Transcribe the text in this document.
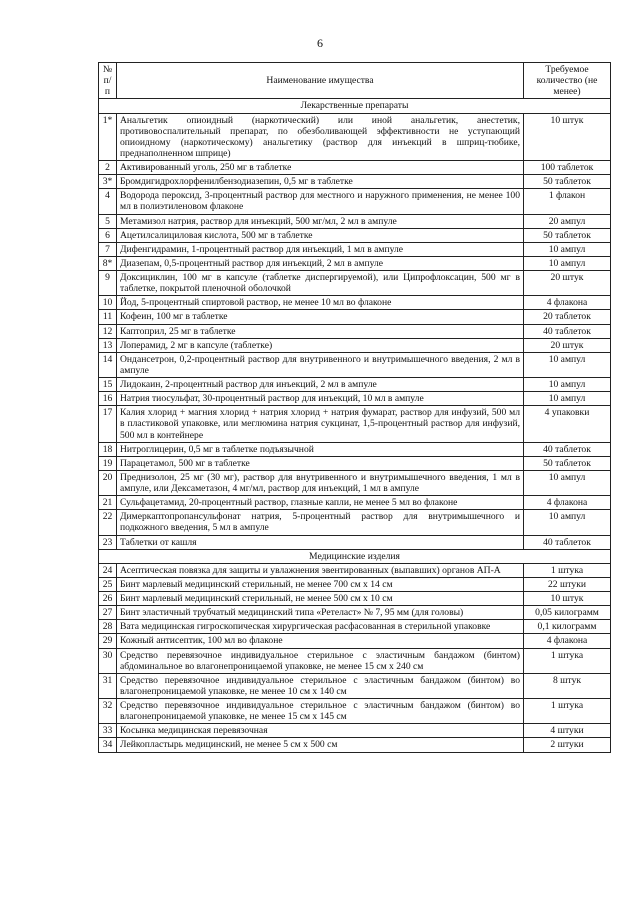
6
№ п/п	Наименование имущества	Требуемое количество (не менее)
Лекарственные препараты		
1*	Анальгетик опиоидный (наркотический) или иной анальгетик, анестетик, противовоспалительный препарат, по обезболивающей эффективности не уступающий опиоидному (наркотическому) анальгетику (раствор для инъекций в шприц-тюбике, преднаполненном шприце)	10 штук
2	Активированный уголь, 250 мг в таблетке	100 таблеток
3*	Бромдигидрохлорфенилбензодиазепин, 0,5 мг в таблетке	50 таблеток
4	Водорода пероксид, 3-процентный раствор для местного и наружного применения, не менее 100 мл в полиэтиленовом флаконе	1 флакон
5	Метамизол натрия, раствор для инъекций, 500 мг/мл, 2 мл в ампуле	20 ампул
6	Ацетилсалициловая кислота, 500 мг в таблетке	50 таблеток
7	Дифенгидрамин, 1-процентный раствор для инъекций, 1 мл в ампуле	10 ампул
8*	Диазепам, 0,5-процентный раствор для инъекций, 2 мл в ампуле	10 ампул
9	Доксициклин, 100 мг в капсуле (таблетке диспергируемой), или Ципрофлоксацин, 500 мг в таблетке, покрытой пленочной оболочкой	20 штук
10	Йод, 5-процентный спиртовой раствор, не менее 10 мл во флаконе	4 флакона
11	Кофеин, 100 мг в таблетке	20 таблеток
12	Каптоприл, 25 мг в таблетке	40 таблеток
13	Лоперамид, 2 мг в капсуле (таблетке)	20 штук
14	Ондансетрон, 0,2-процентный раствор для внутривенного и внутримышечного введения, 2 мл в ампуле	10 ампул
15	Лидокаин, 2-процентный раствор для инъекций, 2 мл в ампуле	10 ампул
16	Натрия тиосульфат, 30-процентный раствор для инъекций, 10 мл в ампуле	10 ампул
17	Калия хлорид + магния хлорид + натрия хлорид + натрия фумарат, раствор для инфузий, 500 мл в пластиковой упаковке, или меглюмина натрия сукцинат, 1,5-процентный раствор для инфузий, 500 мл в контейнере	4 упаковки
18	Нитроглицерин, 0,5 мг в таблетке подъязычной	40 таблеток
19	Парацетамол, 500 мг в таблетке	50 таблеток
20	Преднизолон, 25 мг (30 мг), раствор для внутривенного и внутримышечного введения, 1 мл в ампуле, или Дексаметазон, 4 мг/мл, раствор для инъекций, 1 мл в ампуле	10 ампул
21	Сульфацетамид, 20-процентный раствор, глазные капли, не менее 5 мл во флаконе	4 флакона
22	Димеркаптопропансульфонат натрия, 5-процентный раствор для внутримышечного и подкожного введения, 5 мл в ампуле	10 ампул
23	Таблетки от кашля	40 таблеток
Медицинские изделия		
24	Асептическая повязка для защиты и увлажнения эвентированных (выпавших) органов АП-А	1 штука
25	Бинт марлевый медицинский стерильный, не менее 700 см x 14 см	22 штуки
26	Бинт марлевый медицинский стерильный, не менее 500 см x 10 см	10 штук
27	Бинт эластичный трубчатый медицинский типа «Ретеласт» № 7, 95 мм (для головы)	0,05 килограмм
28	Вата медицинская гигроскопическая хирургическая расфасованная в стерильной упаковке	0,1 килограмм
29	Кожный антисептик, 100 мл во флаконе	4 флакона
30	Средство перевязочное индивидуальное стерильное с эластичным бандажом (бинтом) абдоминальное во влагонепроницаемой упаковке, не менее 15 см x 240 см	1 штука
31	Средство перевязочное индивидуальное стерильное с эластичным бандажом (бинтом) во влагонепроницаемой упаковке, не менее 10 см x 140 см	8 штук
32	Средство перевязочное индивидуальное стерильное с эластичным бандажом (бинтом) во влагонепроницаемой упаковке, не менее 15 см x 145 см	1 штука
33	Косынка медицинская перевязочная	4 штуки
34	Лейкопластырь медицинский, не менее 5 см x 500 см	2 штуки
